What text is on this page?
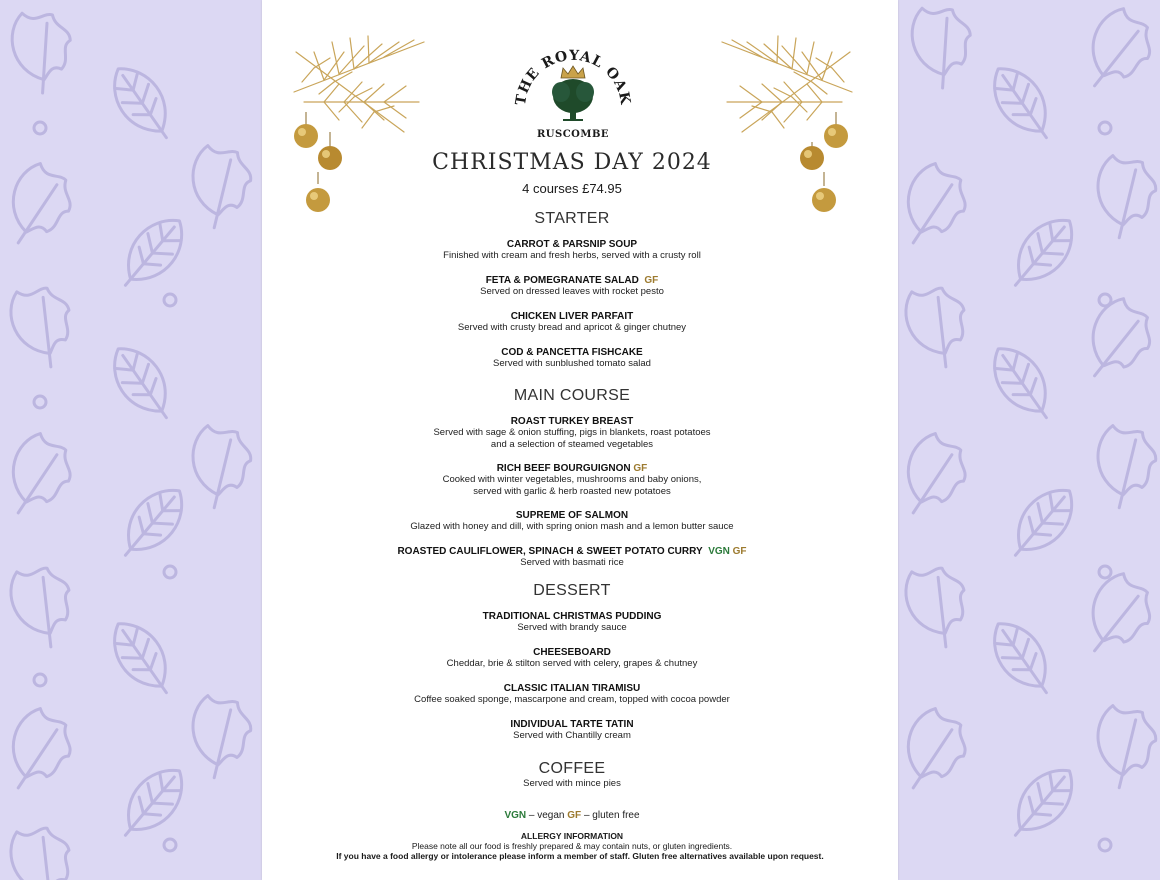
THE ROYAL OAK
RUSCOMBE
CHRISTMAS DAY 2024
4 courses £74.95
STARTER
CARROT & PARSNIP SOUP
Finished with cream and fresh herbs, served with a crusty roll
FETA & POMEGRANATE SALAD GF
Served on dressed leaves with rocket pesto
CHICKEN LIVER PARFAIT
Served with crusty bread and apricot & ginger chutney
COD & PANCETTA FISHCAKE
Served with sunblushed tomato salad
MAIN COURSE
ROAST TURKEY BREAST
Served with sage & onion stuffing, pigs in blankets, roast potatoes
and a selection of steamed vegetables
RICH BEEF BOURGUIGNON GF
Cooked with winter vegetables, mushrooms and baby onions,
served with garlic & herb roasted new potatoes
SUPREME OF SALMON
Glazed with honey and dill, with spring onion mash and a lemon butter sauce
ROASTED CAULIFLOWER, SPINACH & SWEET POTATO CURRY VGN GF
Served with basmati rice
DESSERT
TRADITIONAL CHRISTMAS PUDDING
Served with brandy sauce
CHEESEBOARD
Cheddar, brie & stilton served with celery, grapes & chutney
CLASSIC ITALIAN TIRAMISU
Coffee soaked sponge, mascarpone and cream, topped with cocoa powder
INDIVIDUAL TARTE TATIN
Served with Chantilly cream
COFFEE
Served with mince pies
VGN – vegan GF – gluten free
ALLERGY INFORMATION
Please note all our food is freshly prepared & may contain nuts, or gluten ingredients.
If you have a food allergy or intolerance please inform a member of staff. Gluten free alternatives available upon request.
